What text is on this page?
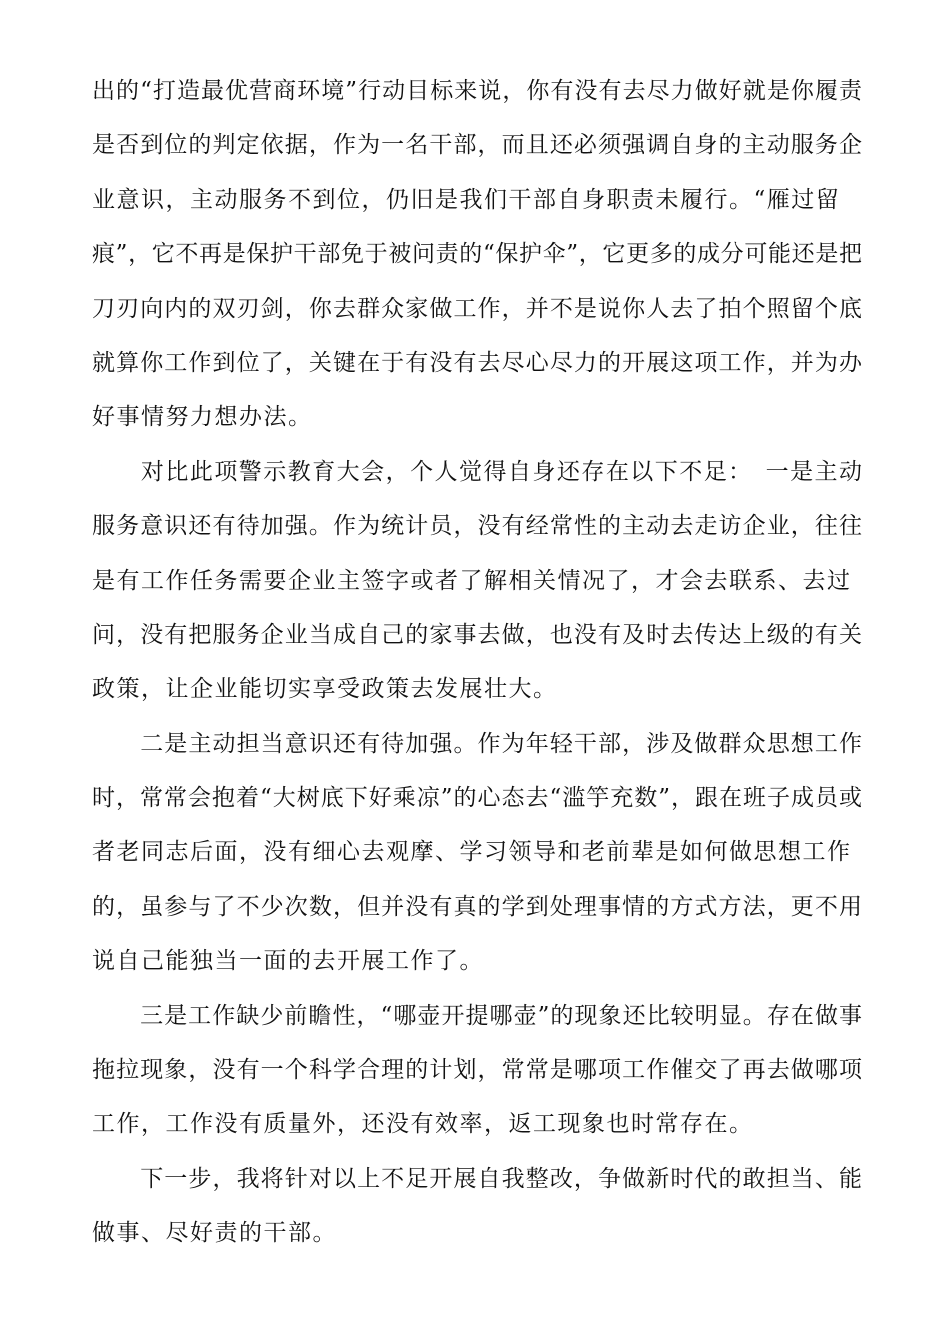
出的“打造最优营商环境”行动目标来说，你有没有去尽力做好就是你履责
是否到位的判定依据，作为一名干部，而且还必须强调自身的主动服务企
业意识，主动服务不到位，仍旧是我们干部自身职责未履行。“雁过留
痕”，它不再是保护干部免于被问责的“保护伞”，它更多的成分可能还是把
刀刃向内的双刃剑，你去群众家做工作，并不是说你人去了拍个照留个底
就算你工作到位了，关键在于有没有去尽心尽力的开展这项工作，并为办
好事情努力想办法。
　　对比此项警示教育大会，个人觉得自身还存在以下不足：　一是主动
服务意识还有待加强。作为统计员，没有经常性的主动去走访企业，往往
是有工作任务需要企业主签字或者了解相关情况了，才会去联系、去过
问，没有把服务企业当成自己的家事去做，也没有及时去传达上级的有关
政策，让企业能切实享受政策去发展壮大。
　　二是主动担当意识还有待加强。作为年轻干部，涉及做群众思想工作
时，常常会抱着“大树底下好乘凉”的心态去“滥竽充数”，跟在班子成员或
者老同志后面，没有细心去观摩、学习领导和老前辈是如何做思想工作
的，虽参与了不少次数，但并没有真的学到处理事情的方式方法，更不用
说自己能独当一面的去开展工作了。
　　三是工作缺少前瞻性，“哪壶开提哪壶”的现象还比较明显。存在做事
拖拉现象，没有一个科学合理的计划，常常是哪项工作催交了再去做哪项
工作，工作没有质量外，还没有效率，返工现象也时常存在。
　　下一步，我将针对以上不足开展自我整改，争做新时代的敢担当、能
做事、尽好责的干部。
